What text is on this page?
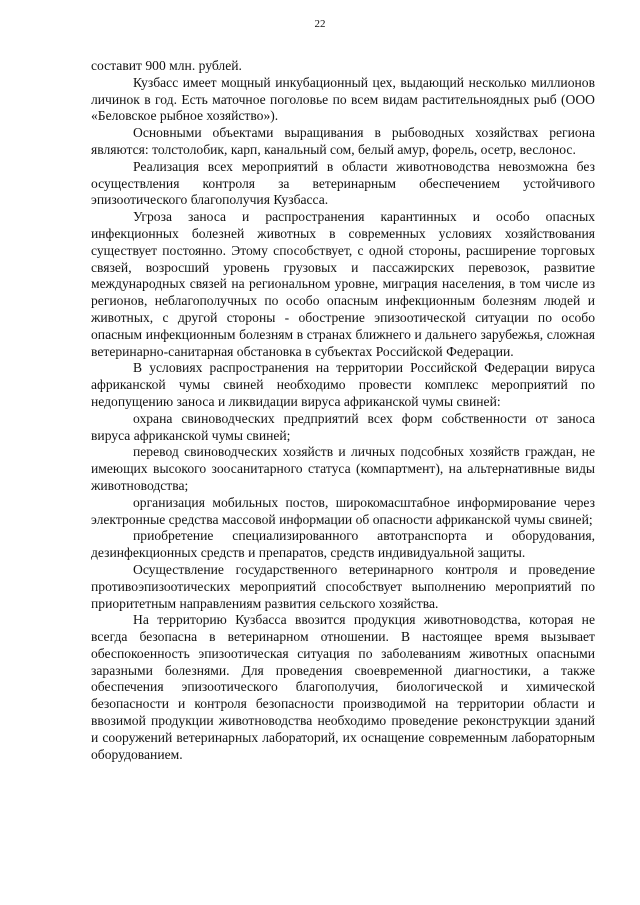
22

составит 900 млн. рублей.

Кузбасс имеет мощный инкубационный цех, выдающий несколько миллионов личинок в год. Есть маточное поголовье по всем видам растительноядных рыб (ООО «Беловское рыбное хозяйство»).

Основными объектами выращивания в рыбоводных хозяйствах региона являются: толстолобик, карп, канальный сом, белый амур, форель, осетр, веслонос.

Реализация всех мероприятий в области животноводства невозможна без осуществления контроля за ветеринарным обеспечением устойчивого эпизоотического благополучия Кузбасса.

Угроза заноса и распространения карантинных и особо опасных инфекционных болезней животных в современных условиях хозяйствования существует постоянно. Этому способствует, с одной стороны, расширение торговых связей, возросший уровень грузовых и пассажирских перевозок, развитие международных связей на региональном уровне, миграция населения, в том числе из регионов, неблагополучных по особо опасным инфекционным болезням людей и животных, с другой стороны - обострение эпизоотической ситуации по особо опасным инфекционным болезням в странах ближнего и дальнего зарубежья, сложная ветеринарно-санитарная обстановка в субъектах Российской Федерации.

В условиях распространения на территории Российской Федерации вируса африканской чумы свиней необходимо провести комплекс мероприятий по недопущению заноса и ликвидации вируса африканской чумы свиней:

охрана свиноводческих предприятий всех форм собственности от заноса вируса африканской чумы свиней;

перевод свиноводческих хозяйств и личных подсобных хозяйств граждан, не имеющих высокого зоосанитарного статуса (компартмент), на альтернативные виды животноводства;

организация мобильных постов, широкомасштабное информирование через электронные средства массовой информации об опасности африканской чумы свиней;

приобретение специализированного автотранспорта и оборудования, дезинфекционных средств и препаратов, средств индивидуальной защиты.

Осуществление государственного ветеринарного контроля и проведение противоэпизоотических мероприятий способствует выполнению мероприятий по приоритетным направлениям развития сельского хозяйства.

На территорию Кузбасса ввозится продукция животноводства, которая не всегда безопасна в ветеринарном отношении. В настоящее время вызывает обеспокоенность эпизоотическая ситуация по заболеваниям животных опасными заразными болезнями. Для проведения своевременной диагностики, а также обеспечения эпизоотического благополучия, биологической и химической безопасности и контроля безопасности производимой на территории области и ввозимой продукции животноводства необходимо проведение реконструкции зданий и сооружений ветеринарных лабораторий, их оснащение современным лабораторным оборудованием.
